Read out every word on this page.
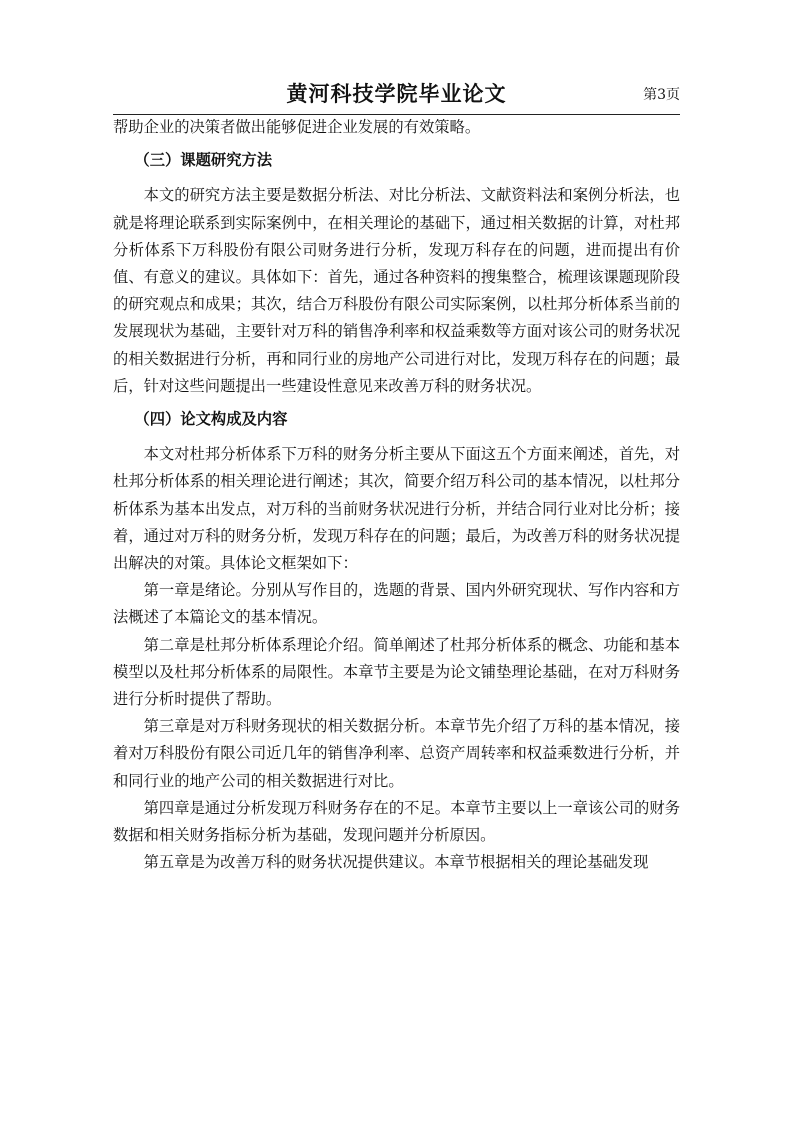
黄河科技学院毕业论文	第3页

帮助企业的决策者做出能够促进企业发展的有效策略。

（三）课题研究方法

本文的研究方法主要是数据分析法、对比分析法、文献资料法和案例分析法，也就是将理论联系到实际案例中，在相关理论的基础下，通过相关数据的计算，对杜邦分析体系下万科股份有限公司财务进行分析，发现万科存在的问题，进而提出有价值、有意义的建议。具体如下：首先，通过各种资料的搜集整合，梳理该课题现阶段的研究观点和成果；其次，结合万科股份有限公司实际案例，以杜邦分析体系当前的发展现状为基础，主要针对万科的销售净利率和权益乘数等方面对该公司的财务状况的相关数据进行分析，再和同行业的房地产公司进行对比，发现万科存在的问题；最后，针对这些问题提出一些建设性意见来改善万科的财务状况。

（四）论文构成及内容

本文对杜邦分析体系下万科的财务分析主要从下面这五个方面来阐述，首先，对杜邦分析体系的相关理论进行阐述；其次，简要介绍万科公司的基本情况，以杜邦分析体系为基本出发点，对万科的当前财务状况进行分析，并结合同行业对比分析；接着，通过对万科的财务分析，发现万科存在的问题；最后，为改善万科的财务状况提出解决的对策。具体论文框架如下：

第一章是绪论。分别从写作目的，选题的背景、国内外研究现状、写作内容和方法概述了本篇论文的基本情况。

第二章是杜邦分析体系理论介绍。简单阐述了杜邦分析体系的概念、功能和基本模型以及杜邦分析体系的局限性。本章节主要是为论文铺垫理论基础，在对万科财务进行分析时提供了帮助。

第三章是对万科财务现状的相关数据分析。本章节先介绍了万科的基本情况，接着对万科股份有限公司近几年的销售净利率、总资产周转率和权益乘数进行分析，并和同行业的地产公司的相关数据进行对比。

第四章是通过分析发现万科财务存在的不足。本章节主要以上一章该公司的财务数据和相关财务指标分析为基础，发现问题并分析原因。

第五章是为改善万科的财务状况提供建议。本章节根据相关的理论基础发现
